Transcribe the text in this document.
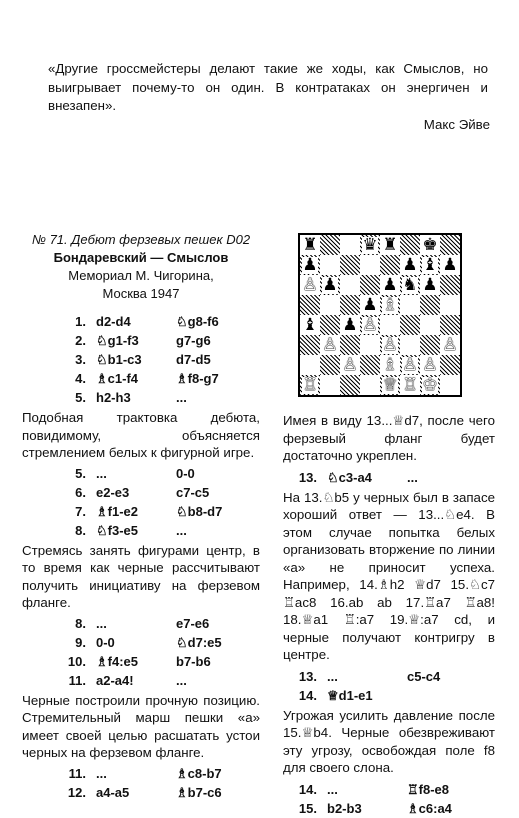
«Другие гроссмейстеры делают такие же ходы, как Смыслов, но выигрывает почему-то он один. В контратаках он энергичен и внезапен».
Макс Эйве
№ 71. Дебют ферзевых пешек D02
Бондаревский — Смыслов
Мемориал М. Чигорина,
Москва 1947
1. d2-d4	♘g8-f6
2. ♘g1-f3	g7-g6
3. ♘b1-c3	d7-d5
4. ♗c1-f4	♗f8-g7
5. h2-h3	...
Подобная трактовка дебюта, повидимому, объясняется стремлением белых к фигурной игре.
5. ...	0-0
6. e2-e3	c7-c5
7. ♗f1-e2	♘b8-d7
8. ♘f3-e5	...
Стремясь занять фигурами центр, в то время как черные рассчитывают получить инициативу на ферзевом фланге.
8. ...	e7-e6
9. 0-0	♘d7:e5
10. ♗f4:e5	b7-b6
11. a2-a4!	...
Черные построили прочную позицию. Стремительный марш пешки «а» имеет своей целью расшатать устои черных на ферзевом фланге.
11. ...	♗c8-b7
12. a4-a5	♗b7-c6
♜	♛ ♜ ♚
♟	♟ ♝ ♟
♙ ♟	♟ ♞ ♟
♟ ♗
♝ ♟ ♙
♙	♙	♙
♙ ♗ ♙ ♙
♖	♕ ♖ ♔
Имея в виду 13...♕d7, после чего ферзевый фланг будет достаточно укреплен.
13. ♘c3-a4	...
На 13.♘b5 у черных был в запасе хороший ответ — 13...♘e4. В этом случае попытка белых организовать вторжение по линии «а» не приносит успеха. Например, 14.♗h2 ♕d7 15.♘c7 ♖ac8 16.ab ab 17.♖a7 ♖a8! 18.♕a1 ♖:a7 19.♕:a7 cd, и черные получают контригру в центре.
13. ...	c5-c4
14. ♕d1-e1
Угрожая усилить давление после 15.♕b4. Черные обезвреживают эту угрозу, освобождая поле f8 для своего слона.
14. ...	♖f8-e8
15. b2-b3	♗c6:a4
